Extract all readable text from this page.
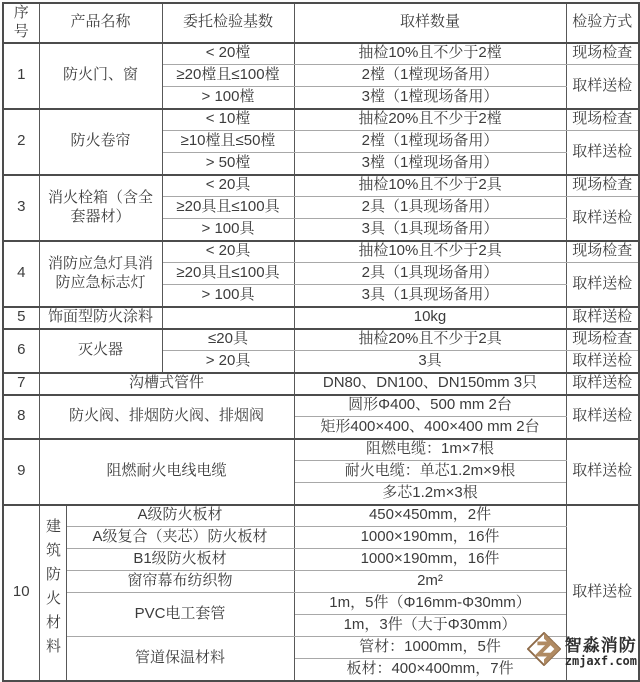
序号	产品名称		委托检验基数	取样数量	检验方式
1	防火门、窗		< 20樘	抽检10%且不少于2樘	现场检查
			≥20樘且≤100樘	2樘（1樘现场备用）	取样送检
			> 100樘	3樘（1樘现场备用）	
2	防火卷帘		< 10樘	抽检20%且不少于2樘	现场检查
			≥10樘且≤50樘	2樘（1樘现场备用）	取样送检
			> 50樘	3樘（1樘现场备用）	
3	消火栓箱（含全套器材）		< 20具	抽检10%且不少于2具	现场检查
			≥20具且≤100具	2具（1具现场备用）	取样送检
			> 100具	3具（1具现场备用）	
4	消防应急灯具消防应急标志灯		< 20具	抽检10%且不少于2具	现场检查
			≥20具且≤100具	2具（1具现场备用）	取样送检
			> 100具	3具（1具现场备用）	
5	饰面型防火涂料			10kg	取样送检
6	灭火器		≤20具	抽检20%且不少于2具	现场检查
			> 20具	3具	取样送检
7	沟槽式管件			DN80、DN100、DN150mm 3只	取样送检
8	防火阀、排烟防火阀、排烟阀			圆形Φ400、500 mm 2台	取样送检
				矩形400×400、400×400 mm 2台	
9	阻燃耐火电线电缆			阻燃电缆：1m×7根	取样送检
				耐火电缆：单芯1.2m×9根	
				多芯1.2m×3根	
10	建筑防火材料	A级防火板材		450×450mm，2件	取样送检
		A级复合（夹芯）防火板材		1000×190mm，16件	
		B1级防火板材		1000×190mm，16件	
		窗帘幕布纺织物		2m²	
		PVC电工套管		1m，5件（Φ16mm-Φ30mm）	
				1m，3件（大于Φ30mm）	
		管道保温材料		管材：1000mm，5件	
				板材：400×400mm，7件	
智淼消防
zmjaxf.com
